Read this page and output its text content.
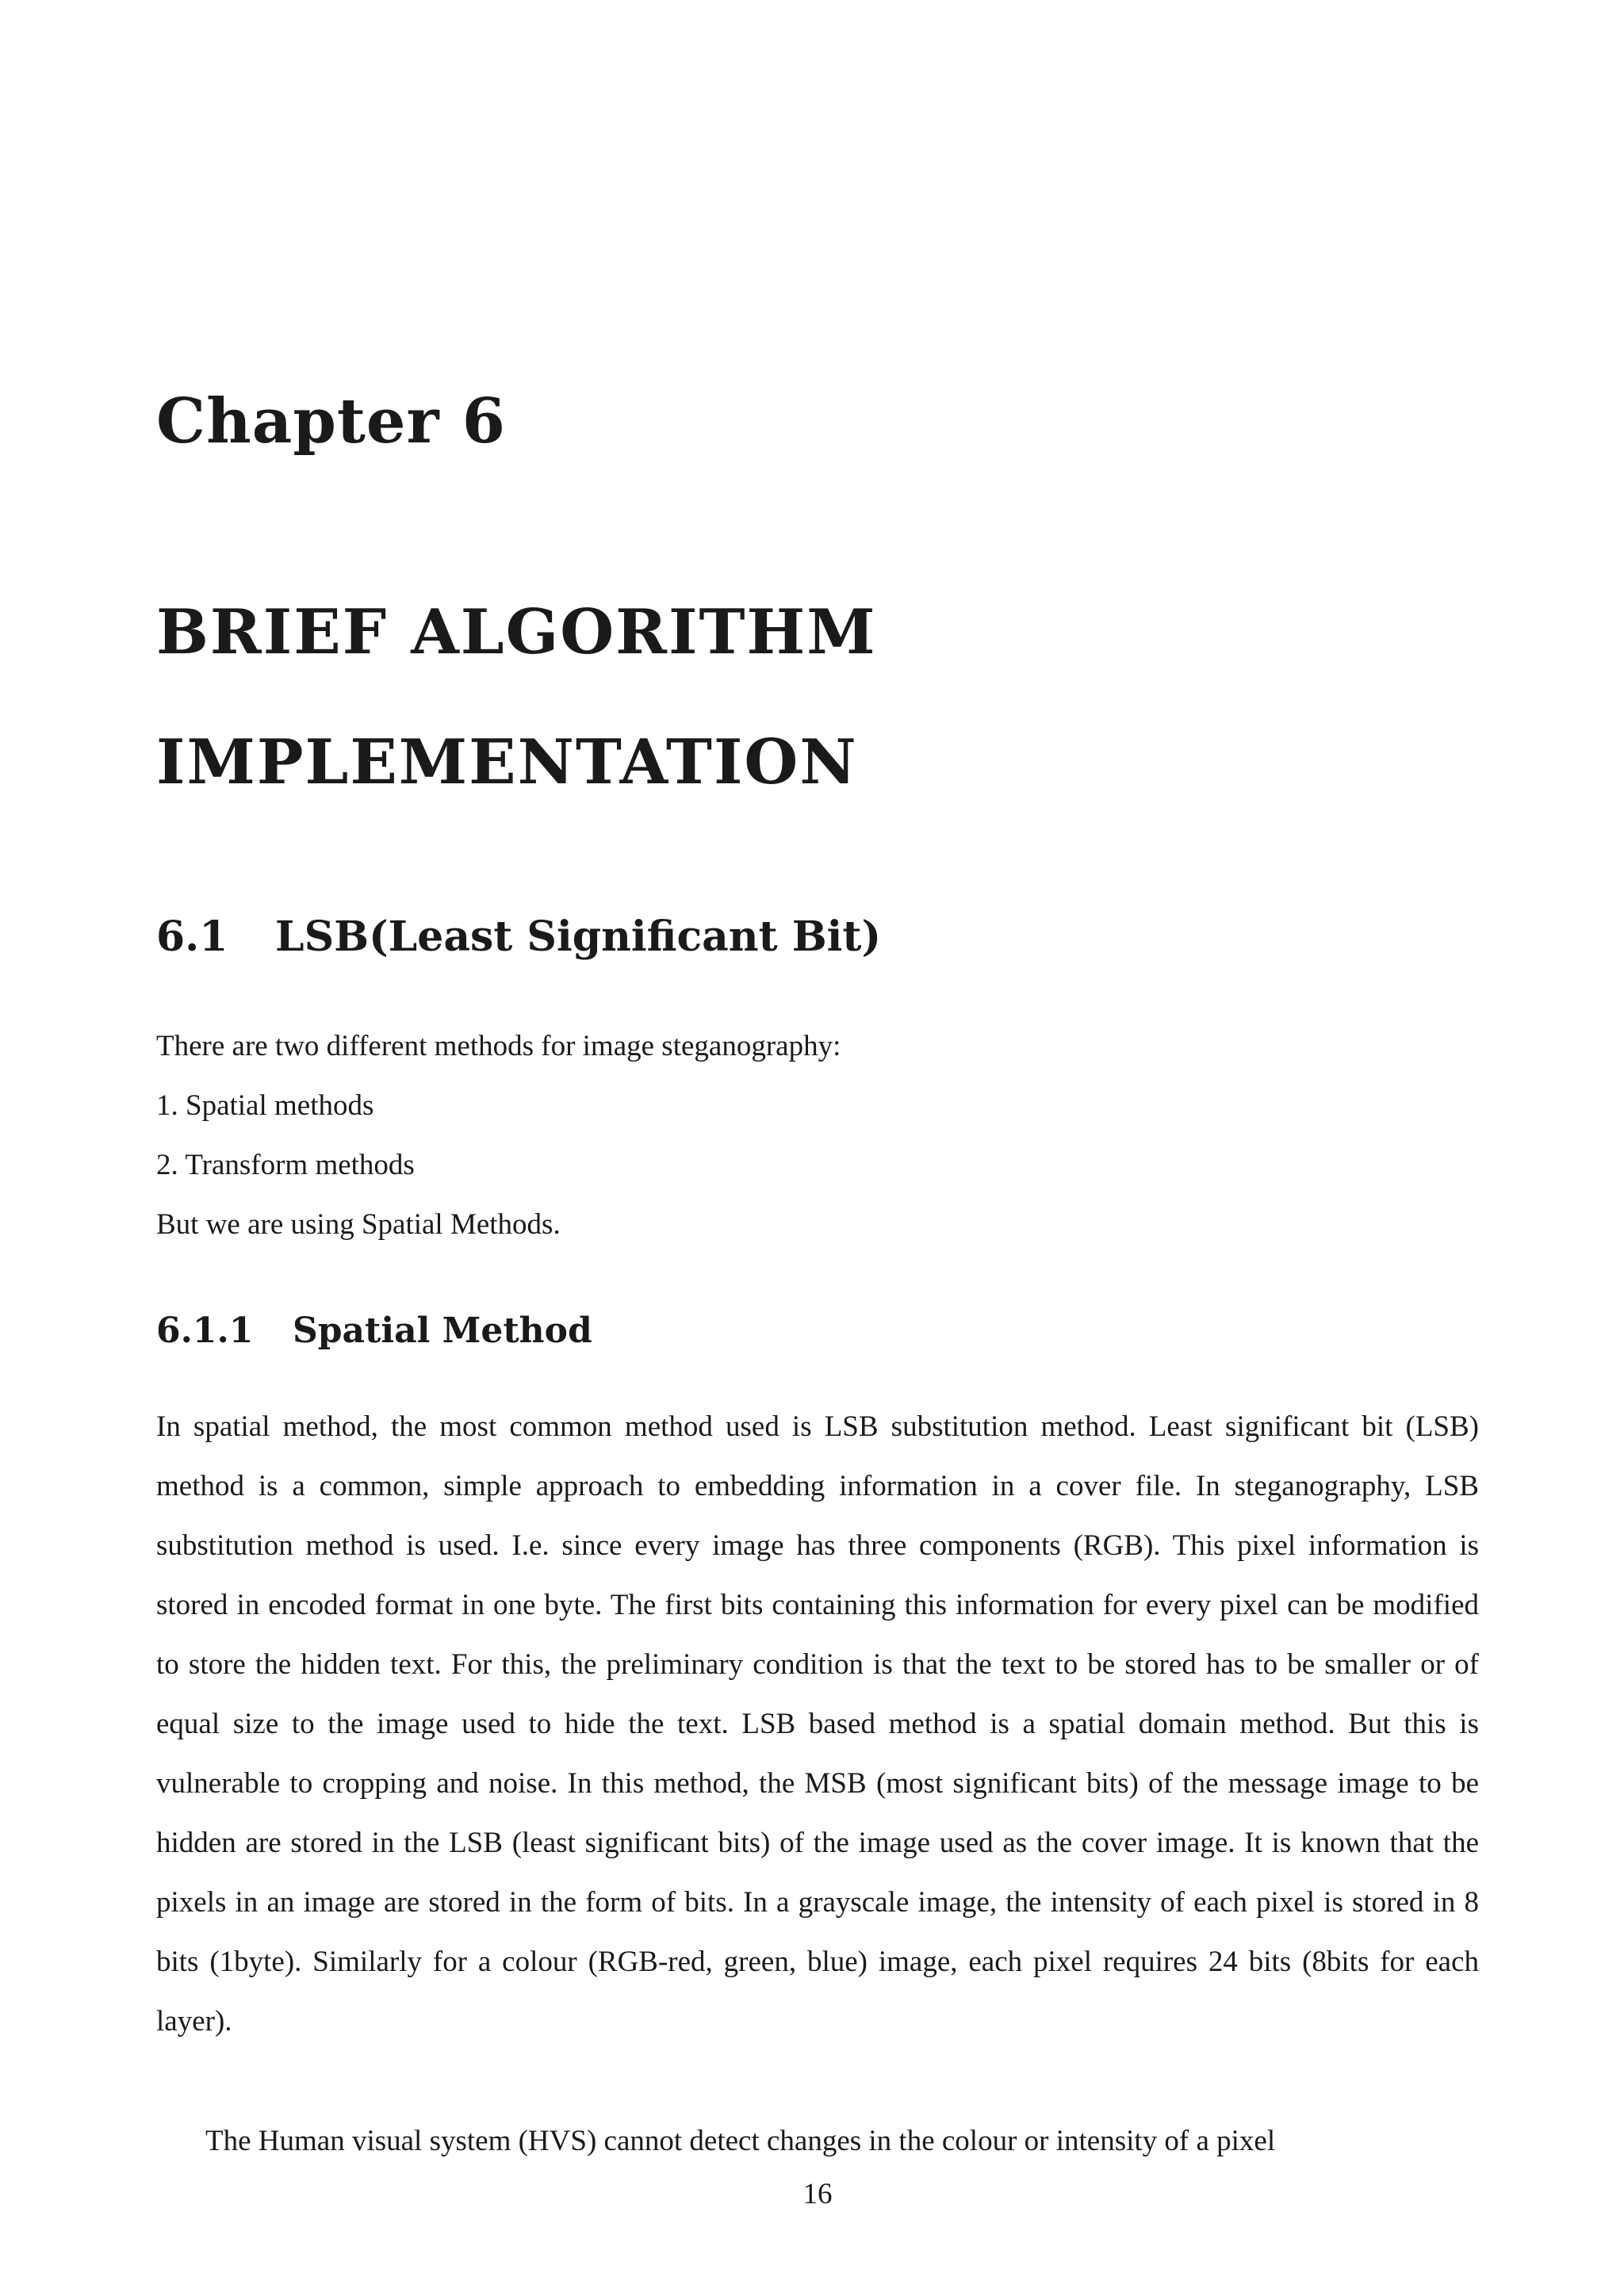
Chapter 6
BRIEF ALGORITHM
IMPLEMENTATION
6.1 LSB(Least Significant Bit)

There are two different methods for image steganography:

1. Spatial methods

2. Transform methods

But we are using Spatial Methods.

6.1.1 Spatial Method

In spatial method, the most common method used is LSB substitution method. Least significant bit (LSB) method is a common, simple approach to embedding information in a cover file. In steganography, LSB substitution method is used. I.e. since every image has three components (RGB). This pixel information is stored in encoded format in one byte. The first bits containing this information for every pixel can be modified to store the hidden text. For this, the preliminary condition is that the text to be stored has to be smaller or of equal size to the image used to hide the text. LSB based method is a spatial domain method. But this is vulnerable to cropping and noise. In this method, the MSB (most significant bits) of the message image to be hidden are stored in the LSB (least significant bits) of the image used as the cover image. It is known that the pixels in an image are stored in the form of bits. In a grayscale image, the intensity of each pixel is stored in 8 bits (1byte). Similarly for a colour (RGB-red, green, blue) image, each pixel requires 24 bits (8bits for each layer).

The Human visual system (HVS) cannot detect changes in the colour or intensity of a pixel

16
